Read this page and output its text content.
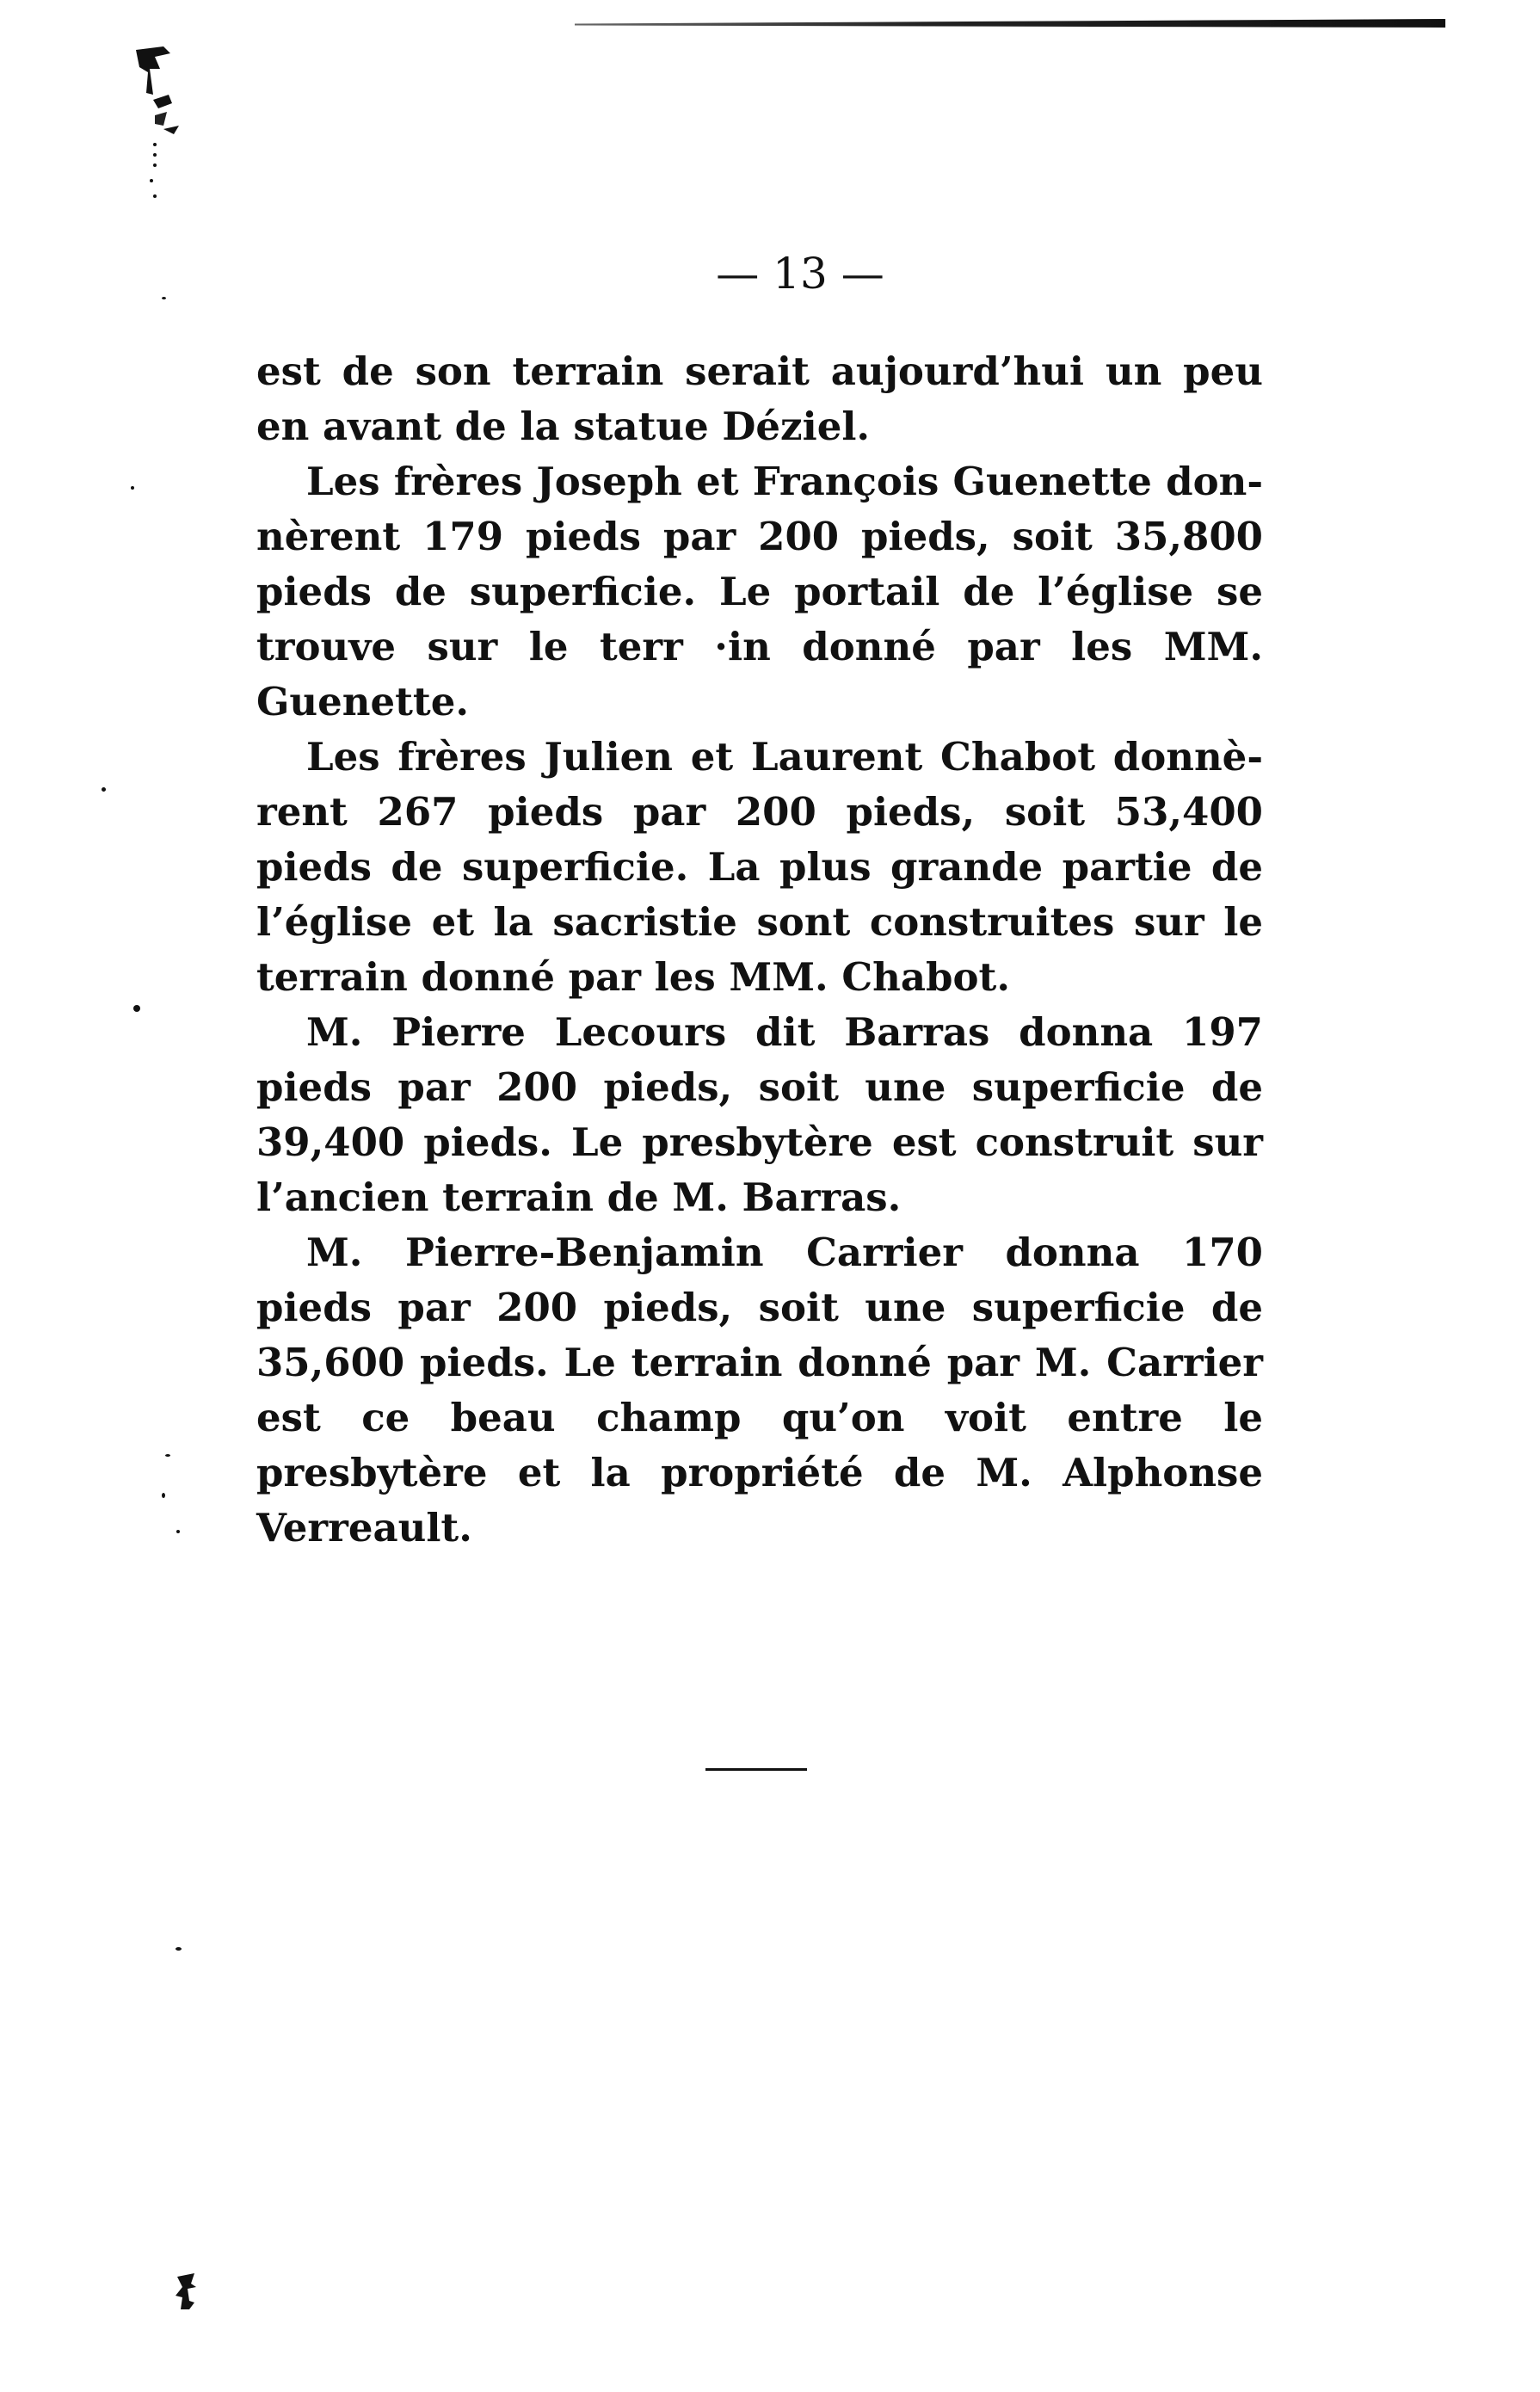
— 13 —

est de son terrain serait aujourd’hui un peu en avant de la statue Déziel.

Les frères Joseph et François Guenette donnèrent 179 pieds par 200 pieds, soit 35,800 pieds de superficie. Le portail de l’église se trouve sur le terr ·in donné par les MM. Guenette.

Les frères Julien et Laurent Chabot donnèrent 267 pieds par 200 pieds, soit 53,400 pieds de superficie. La plus grande partie de l’église et la sacristie sont construites sur le terrain donné par les MM. Chabot.

M. Pierre Lecours dit Barras donna 197 pieds par 200 pieds, soit une superficie de 39,400 pieds. Le presbytère est construit sur l’ancien terrain de M. Barras.

M. Pierre-Benjamin Carrier donna 170 pieds par 200 pieds, soit une superficie de 35,600 pieds. Le terrain donné par M. Carrier est ce beau champ qu’on voit entre le presbytère et la propriété de M. Alphonse Verreault.
